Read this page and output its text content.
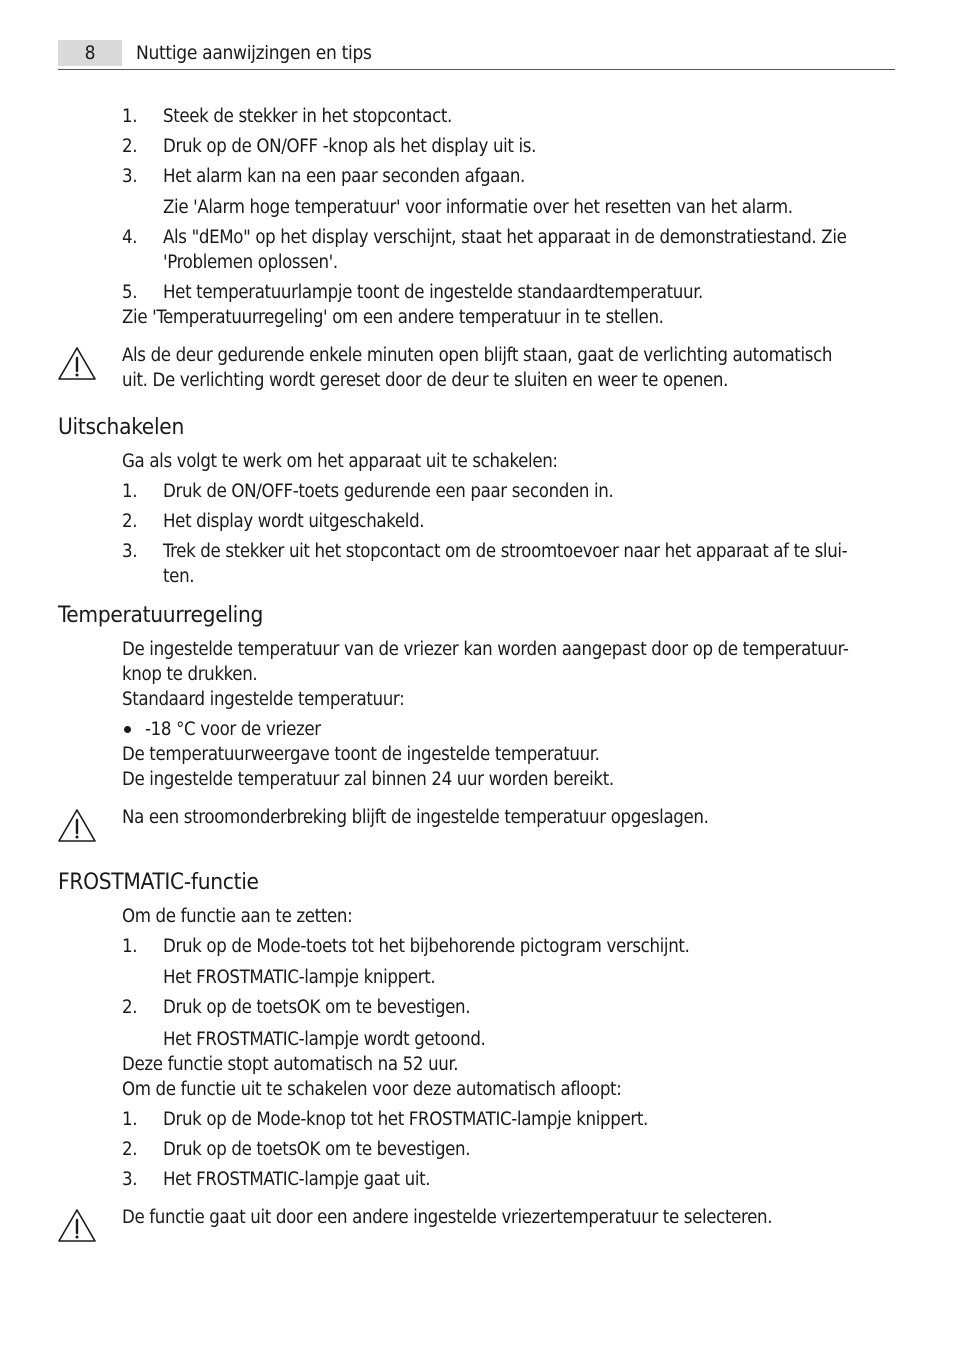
8	Nuttige aanwijzingen en tips
1. Steek de stekker in het stopcontact.
2. Druk op de ON/OFF -knop als het display uit is.
3. Het alarm kan na een paar seconden afgaan.
Zie 'Alarm hoge temperatuur' voor informatie over het resetten van het alarm.
4. Als "dEMo" op het display verschijnt, staat het apparaat in de demonstratiestand. Zie
'Problemen oplossen'.
5. Het temperatuurlampje toont de ingestelde standaardtemperatuur.
Zie 'Temperatuurregeling' om een andere temperatuur in te stellen.
Als de deur gedurende enkele minuten open blijft staan, gaat de verlichting automatisch
uit. De verlichting wordt gereset door de deur te sluiten en weer te openen.
Uitschakelen
Ga als volgt te werk om het apparaat uit te schakelen:
1. Druk de ON/OFF-toets gedurende een paar seconden in.
2. Het display wordt uitgeschakeld.
3. Trek de stekker uit het stopcontact om de stroomtoevoer naar het apparaat af te slui-
ten.
Temperatuurregeling
De ingestelde temperatuur van de vriezer kan worden aangepast door op de temperatuur-
knop te drukken.
Standaard ingestelde temperatuur:
-18 °C voor de vriezer
De temperatuurweergave toont de ingestelde temperatuur.
De ingestelde temperatuur zal binnen 24 uur worden bereikt.
Na een stroomonderbreking blijft de ingestelde temperatuur opgeslagen.
FROSTMATIC-functie
Om de functie aan te zetten:
1. Druk op de Mode-toets tot het bijbehorende pictogram verschijnt.
Het FROSTMATIC-lampje knippert.
2. Druk op de toetsOK om te bevestigen.
Het FROSTMATIC-lampje wordt getoond.
Deze functie stopt automatisch na 52 uur.
Om de functie uit te schakelen voor deze automatisch afloopt:
1. Druk op de Mode-knop tot het FROSTMATIC-lampje knippert.
2. Druk op de toetsOK om te bevestigen.
3. Het FROSTMATIC-lampje gaat uit.
De functie gaat uit door een andere ingestelde vriezertemperatuur te selecteren.
